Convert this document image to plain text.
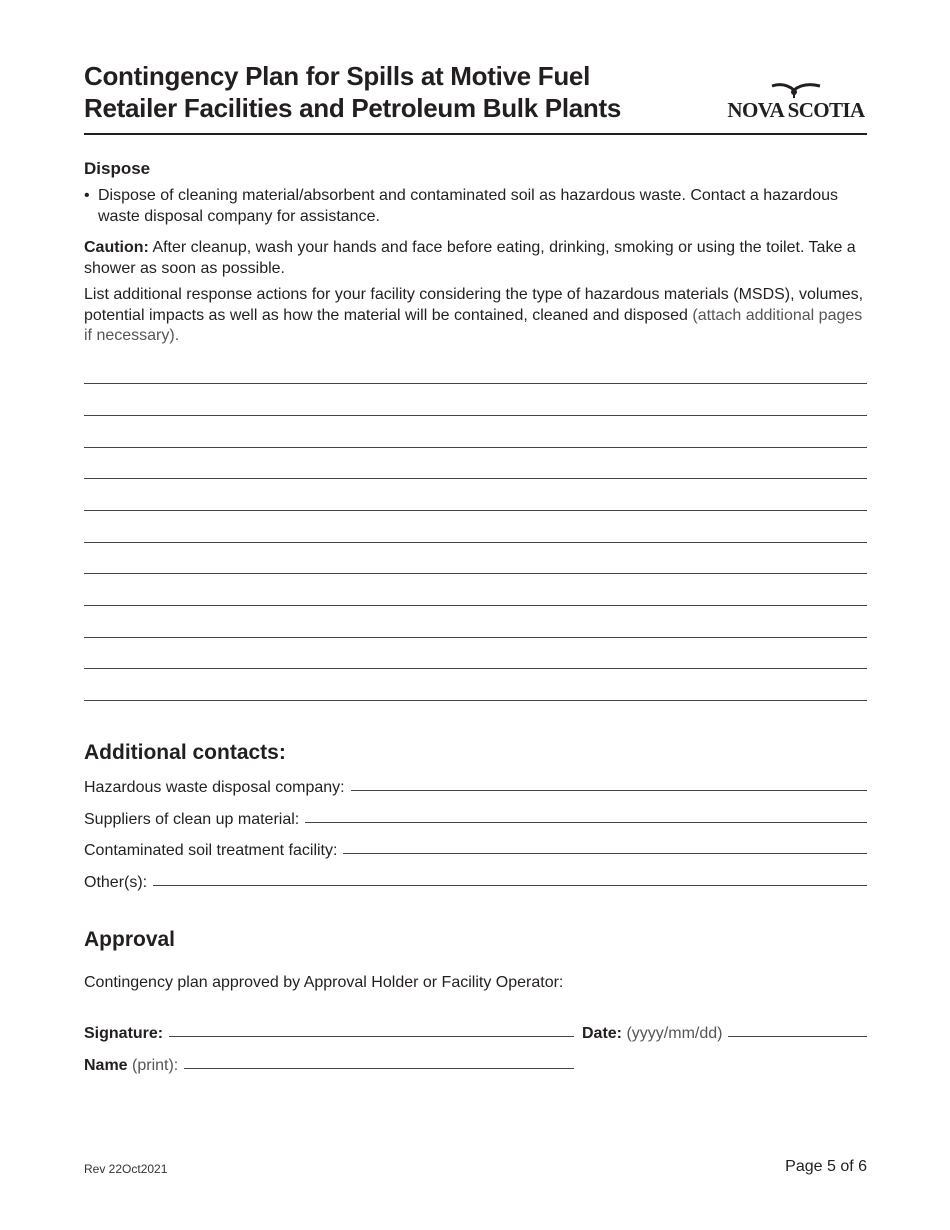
Contingency Plan for Spills at Motive Fuel
Retailer Facilities and Petroleum Bulk Plants	NOVA SCOTIA
Dispose
• Dispose of cleaning material/absorbent and contaminated soil as hazardous waste. Contact a hazardous waste disposal company for assistance.
Caution: After cleanup, wash your hands and face before eating, drinking, smoking or using the toilet. Take a shower as soon as possible.
List additional response actions for your facility considering the type of hazardous materials (MSDS), volumes, potential impacts as well as how the material will be contained, cleaned and disposed (attach additional pages if necessary).
Additional contacts:
Hazardous waste disposal company:
Suppliers of clean up material:
Contaminated soil treatment facility:
Other(s):
Approval
Contingency plan approved by Approval Holder or Facility Operator:
Signature:	Date: (yyyy/mm/dd)
Name (print):
Rev 22Oct2021	Page 5 of 6
